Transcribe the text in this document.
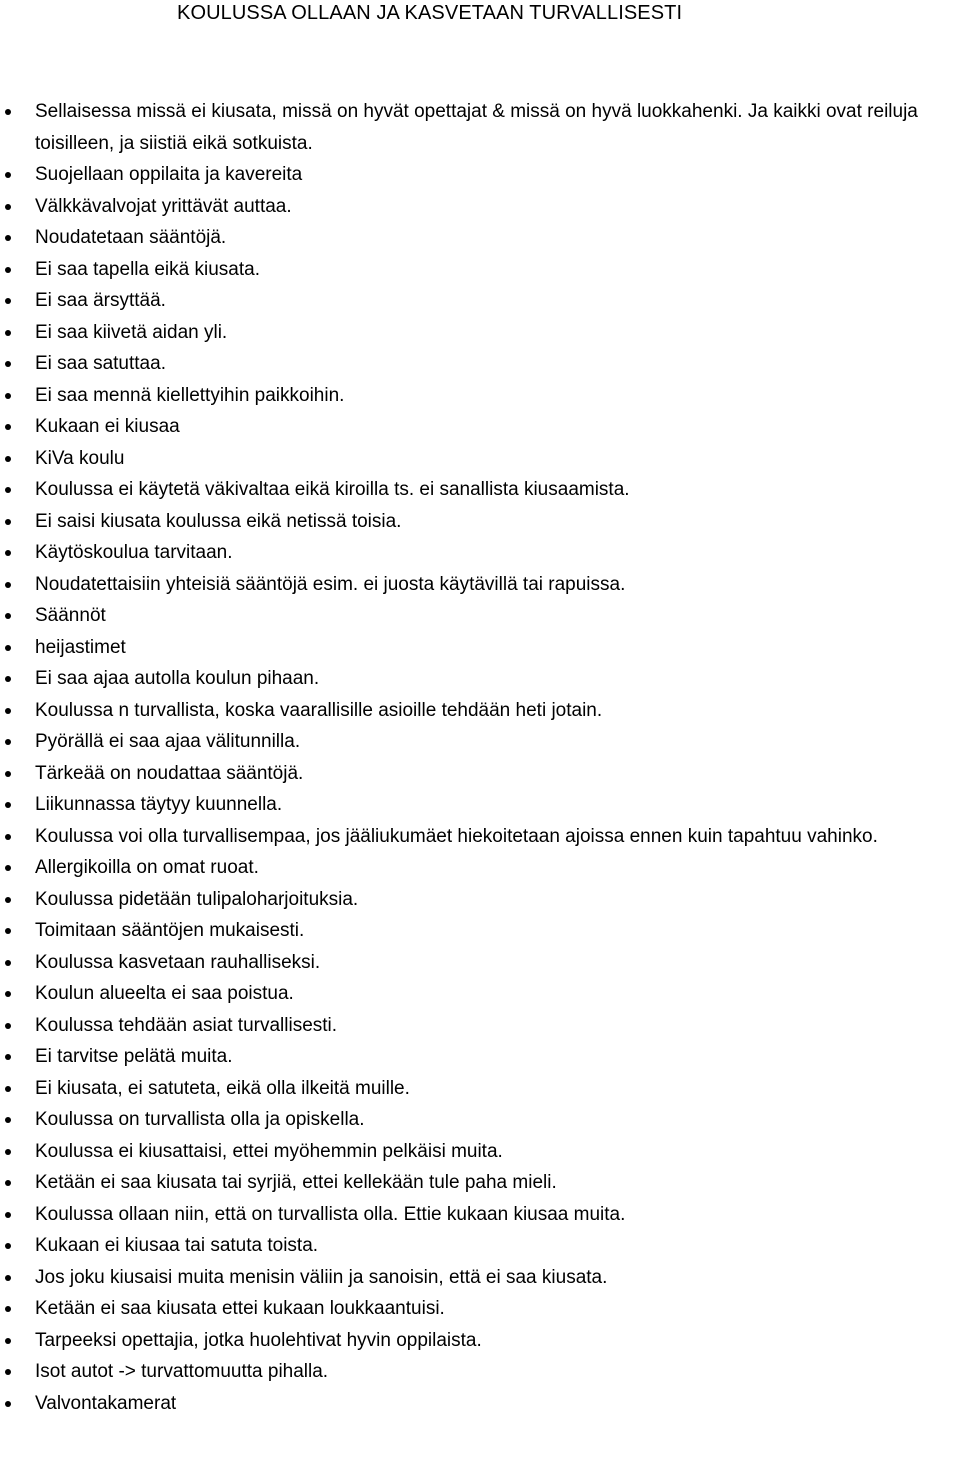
KOULUSSA OLLAAN JA KASVETAAN TURVALLISESTI
Sellaisessa missä ei kiusata, missä on hyvät opettajat & missä on hyvä luokkahenki. Ja kaikki ovat reiluja toisilleen, ja siistiä eikä sotkuista.
Suojellaan oppilaita ja kavereita
Välkkävalvojat yrittävät auttaa.
Noudatetaan sääntöjä.
Ei saa tapella eikä kiusata.
Ei saa ärsyttää.
Ei saa kiivetä aidan yli.
Ei saa satuttaa.
Ei saa mennä kiellettyihin paikkoihin.
Kukaan ei kiusaa
KiVa koulu
Koulussa ei käytetä väkivaltaa eikä kiroilla ts. ei sanallista kiusaamista.
Ei saisi kiusata koulussa eikä netissä toisia.
Käytöskoulua tarvitaan.
Noudatettaisiin yhteisiä sääntöjä esim. ei juosta käytävillä tai rapuissa.
Säännöt
heijastimet
Ei saa ajaa autolla koulun pihaan.
Koulussa n turvallista, koska vaarallisille asioille tehdään heti jotain.
Pyörällä ei saa ajaa välitunnilla.
Tärkeää on noudattaa sääntöjä.
Liikunnassa täytyy kuunnella.
Koulussa voi olla turvallisempaa, jos jääliukumäet hiekoitetaan ajoissa ennen kuin tapahtuu vahinko.
Allergikoilla on omat ruoat.
Koulussa pidetään tulipaloharjoituksia.
Toimitaan sääntöjen mukaisesti.
Koulussa kasvetaan rauhalliseksi.
Koulun alueelta ei saa poistua.
Koulussa tehdään asiat turvallisesti.
Ei tarvitse pelätä muita.
Ei kiusata, ei satuteta, eikä olla ilkeitä muille.
Koulussa on turvallista olla ja opiskella.
Koulussa ei kiusattaisi, ettei myöhemmin pelkäisi muita.
Ketään ei saa kiusata tai syrjiä, ettei kellekään tule paha mieli.
Koulussa ollaan niin, että on turvallista olla. Ettie kukaan kiusaa muita.
Kukaan ei kiusaa tai satuta toista.
Jos joku kiusaisi muita menisin väliin ja sanoisin, että ei saa kiusata.
Ketään ei saa kiusata ettei kukaan loukkaantuisi.
Tarpeeksi opettajia, jotka huolehtivat hyvin oppilaista.
Isot autot -> turvattomuutta pihalla.
Valvontakamerat
